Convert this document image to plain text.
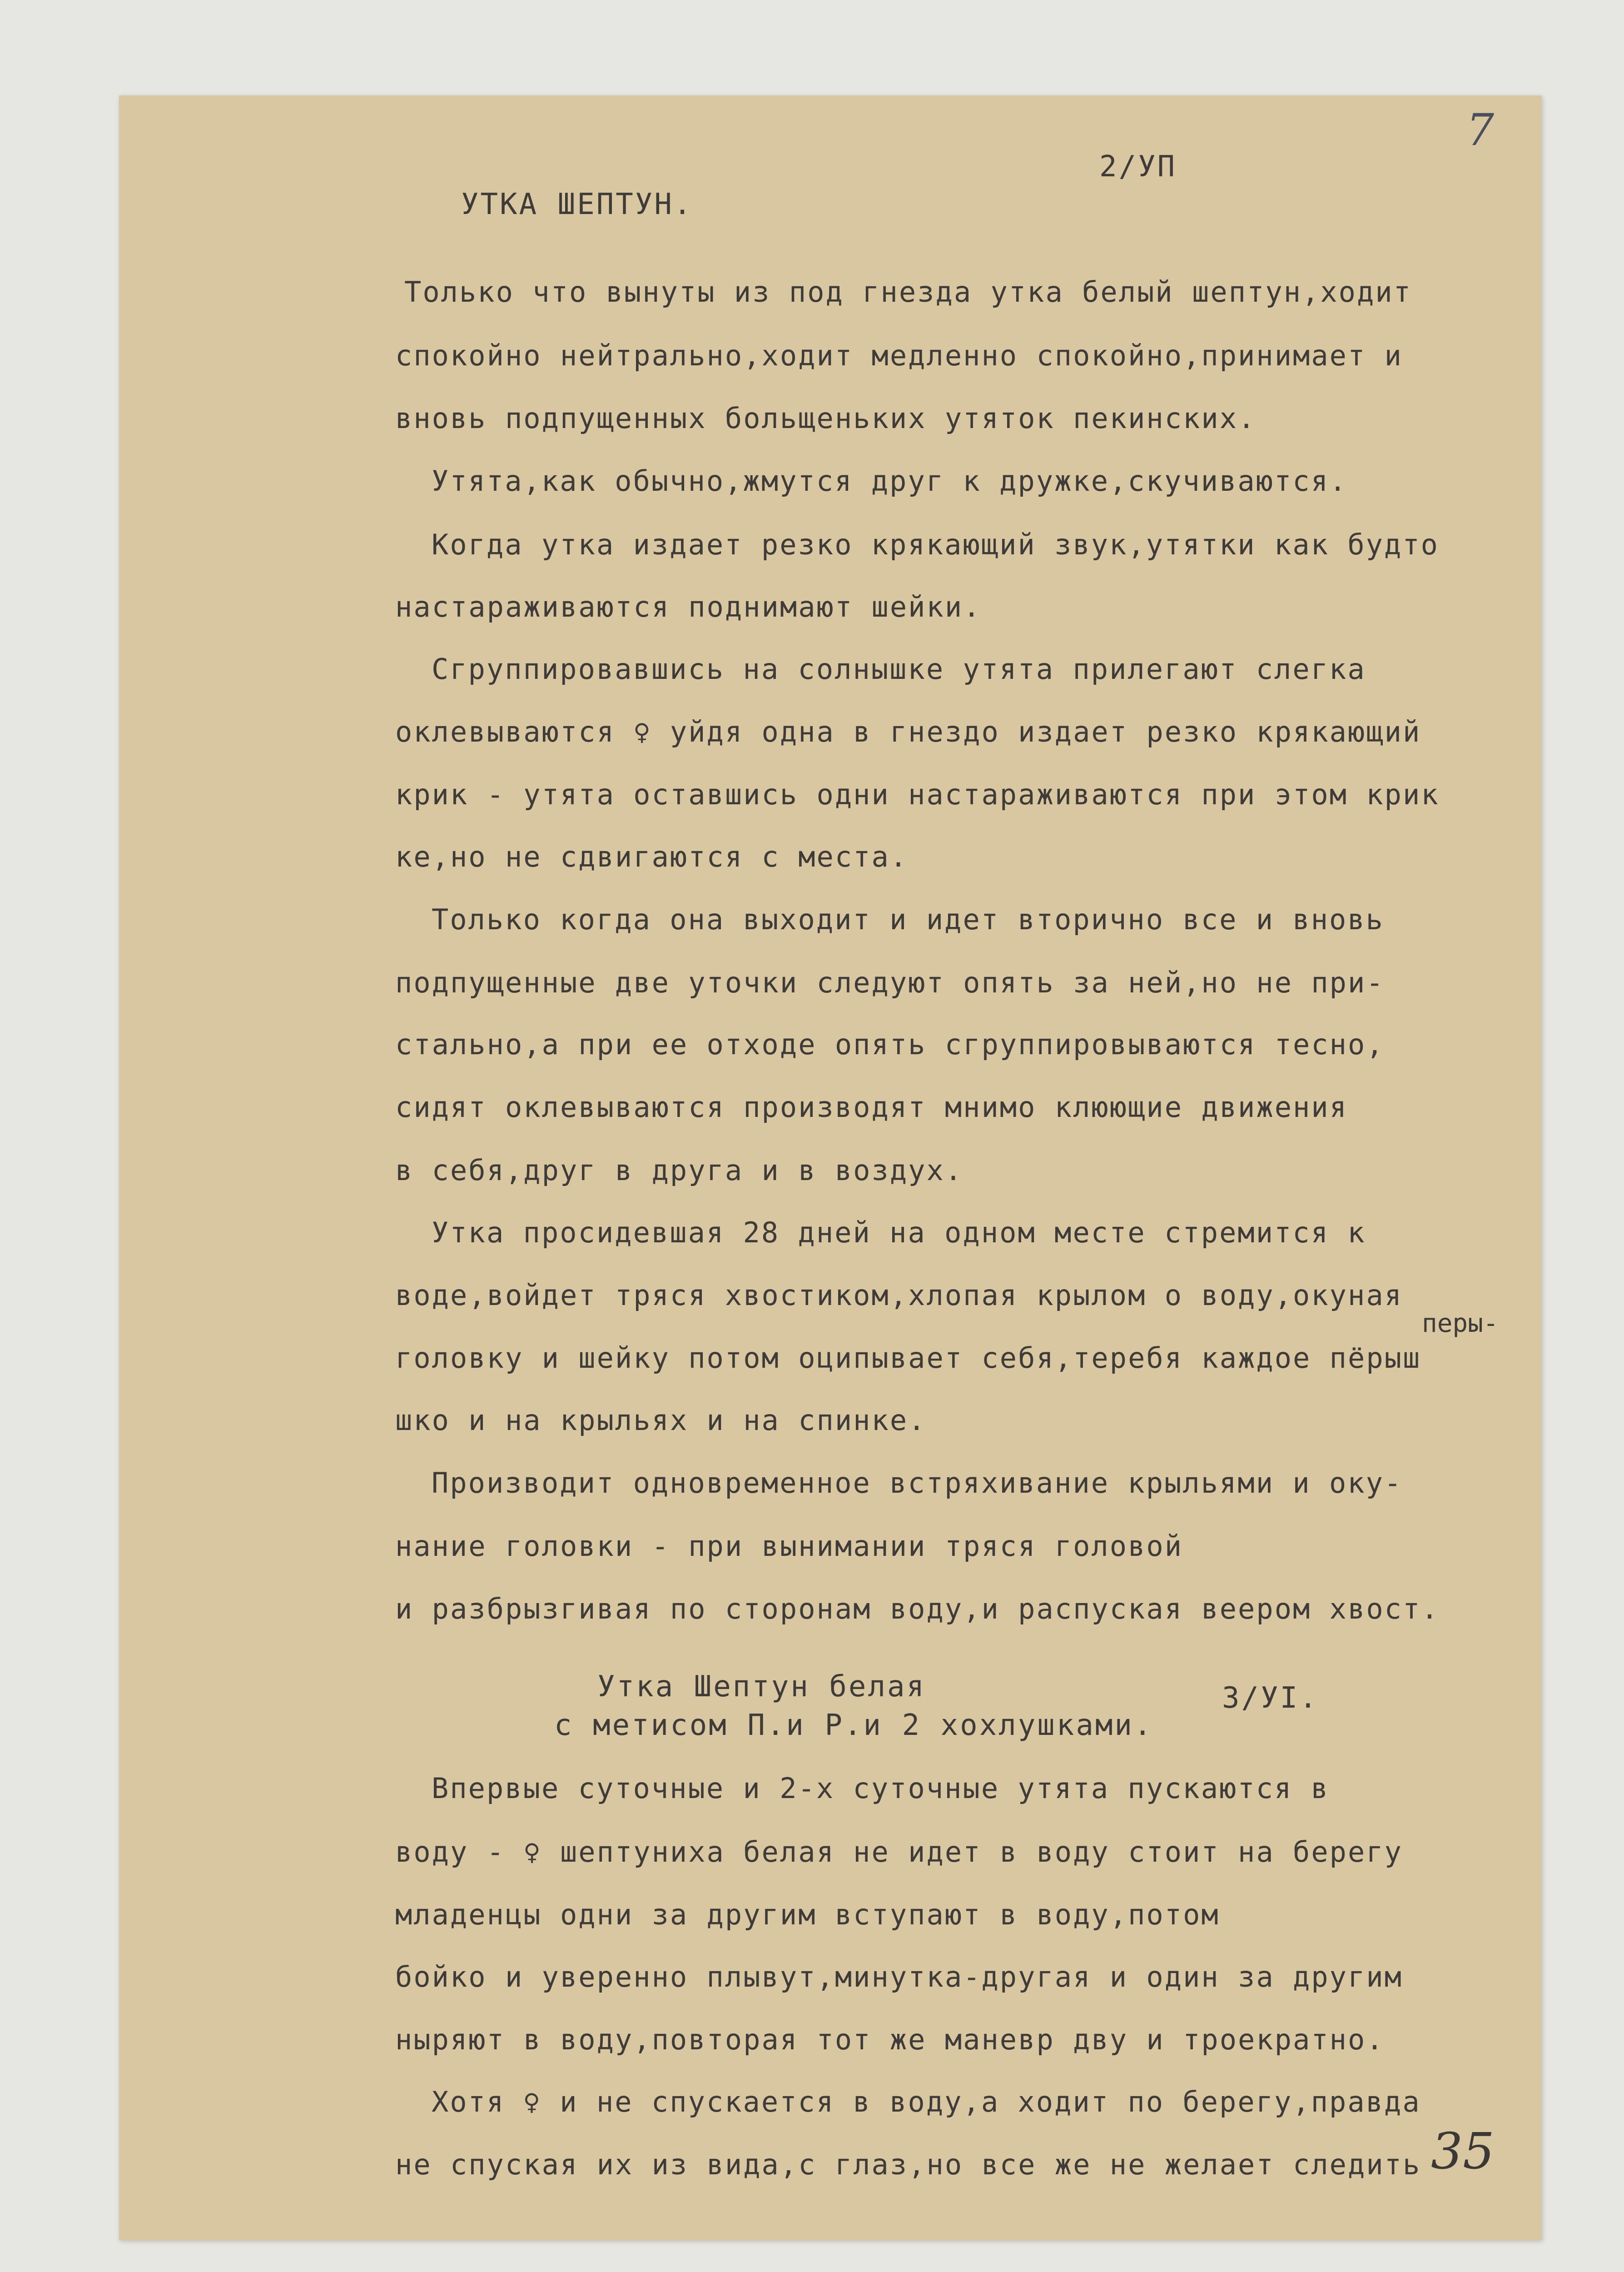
7
2/УП
УТКА ШЕПТУН.
Только что вынуты из под гнезда утка белый шептун,ходит
спокойно нейтрально,ходит медленно спокойно,принимает и
вновь подпущенных больщеньких утяток пекинских.
Утята,как обычно,жмутся друг к дружке,скучиваются.
Когда утка издает резко крякающий звук,утятки как будто
настараживаются поднимают шейки.
Сгруппировавшись на солнышке утята прилегают слегка
оклевываются ♀ уйдя одна в гнездо издает резко крякающий
крик - утята оставшись одни настараживаются при этом крик
ке,но не сдвигаются с места.
Только когда она выходит и идет вторично все и вновь
подпущенные две уточки следуют опять за ней,но не при-
стально,а при ее отходе опять сгруппировываются тесно,
сидят оклевываются производят мнимо клюющие движения
в себя,друг в друга и в воздух.
Утка просидевшая 28 дней на одном месте стремится к
воде,войдет тряся хвостиком,хлопая крылом о воду,окуная
головку и шейку потом оципывает себя,теребя каждое пёрыш
шко и на крыльях и на спинке.
Производит одновременное встряхивание крыльями и оку-
нание головки - при вынимании тряся головой
и разбрызгивая по сторонам воду,и распуская веером хвост.
перы-
Утка Шептун белая	3/УI.
с метисом П.и Р.и 2 хохлушками.
Впервые суточные и 2-х суточные утята пускаются в
воду - ♀ шептуниха белая не идет в воду стоит на берегу
младенцы одни за другим вступают в воду,потом
бойко и уверенно плывут,минутка-другая и один за другим
ныряют в воду,повторая тот же маневр дву и троекратно.
Хотя ♀ и не спускается в воду,а ходит по берегу,правда
не спуская их из вида,с глаз,но все же не желает следить 35
